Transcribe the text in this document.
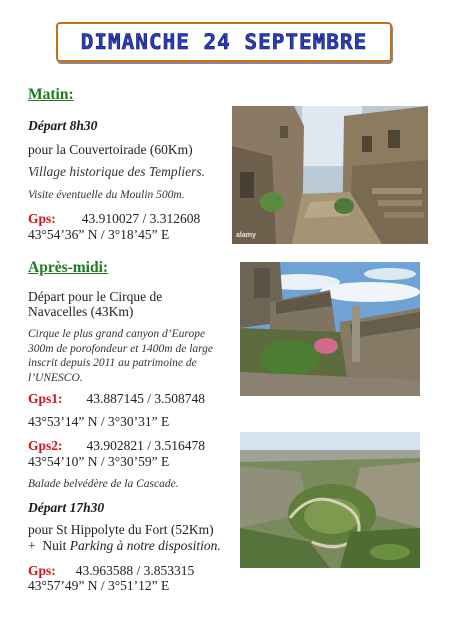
DIMANCHE 24 SEPTEMBRE
Matin:
Départ 8h30
pour la Couvertoirade (60Km)
Village historique des Templiers.
Visite éventuelle du Moulin 500m.
Gps: 43.910027 / 3.312608
43°54’36” N / 3°18’45” E	alamy
Après-midi:
Départ pour le Cirque de
Navacelles (43Km)
Cirque le plus grand canyon d’Europe 300m de porofondeur et 1400m de large inscrit depuis 2011 au patrimoine de l’UNESCO.
Gps1: 43.887145 / 3.508748
43°53’14” N / 3°30’31” E
Gps2: 43.902821 / 3.516478
43°54’10” N / 3°30’59” E
Balade belvédère de la Cascade.
Départ 17h30
pour St Hippolyte du Fort (52Km)
+  Nuit Parking à notre disposition.
Gps: 43.963588 / 3.853315
43°57’49” N / 3°51’12” E
